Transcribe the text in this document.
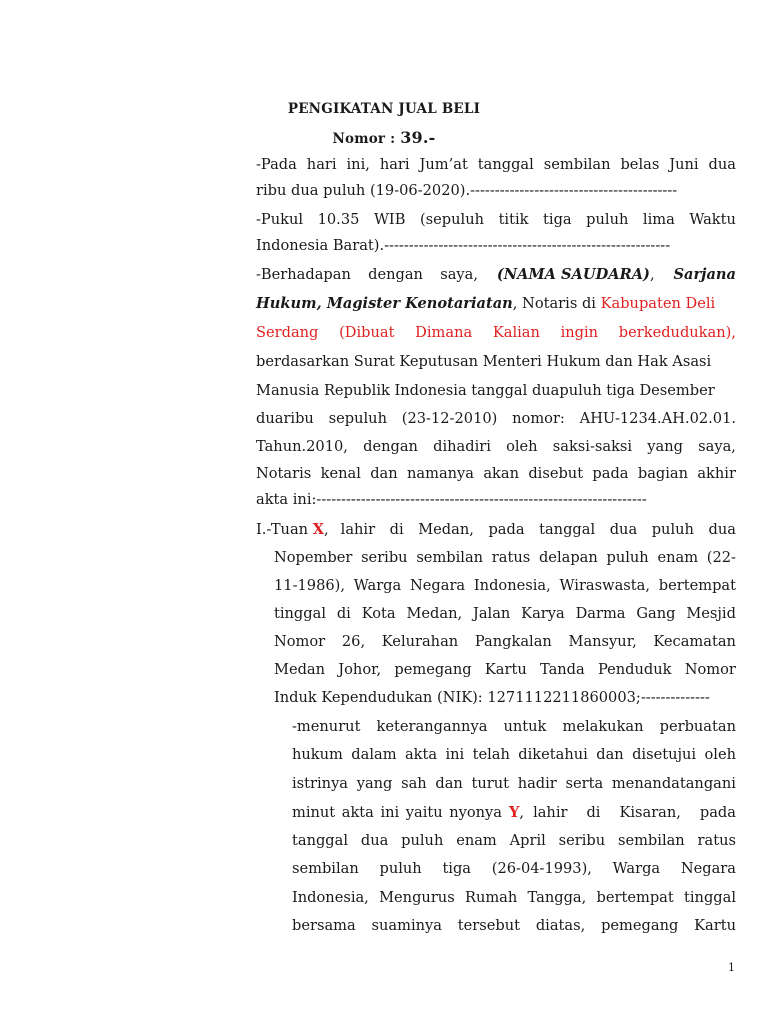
PENGIKATAN JUAL BELI
Nomor : 39.-
-Pada hari ini, hari Jum’at tanggal sembilan belas Juni dua
ribu dua puluh (19-06-2020).------------------------------------------
-Pukul 10.35 WIB (sepuluh titik tiga puluh lima Waktu
Indonesia Barat).----------------------------------------------------------
-Berhadapan dengan saya, (NAMA SAUDARA), Sarjana
Hukum, Magister Kenotariatan, Notaris di Kabupaten Deli
Serdang (Dibuat Dimana Kalian ingin berkedudukan),
berdasarkan Surat Keputusan Menteri Hukum dan Hak Asasi
Manusia Republik Indonesia tanggal duapuluh tiga Desember
duaribu sepuluh (23-12-2010) nomor: AHU-1234.AH.02.01.
Tahun.2010, dengan dihadiri oleh saksi-saksi yang saya,
Notaris kenal dan namanya akan disebut pada bagian akhir
akta ini:-------------------------------------------------------------------
I.-Tuan X , lahir di Medan, pada tanggal dua puluh dua
Nopember seribu sembilan ratus delapan puluh enam (22-
11-1986), Warga Negara Indonesia, Wiraswasta, bertempat
tinggal di Kota Medan, Jalan Karya Darma Gang Mesjid
Nomor 26, Kelurahan Pangkalan Mansyur, Kecamatan
Medan Johor, pemegang Kartu Tanda Penduduk Nomor
Induk Kependudukan (NIK): 1271112211860003;--------------
-menurut keterangannya untuk melakukan perbuatan
hukum dalam akta ini telah diketahui dan disetujui oleh
istrinya yang sah dan turut hadir serta menandatangani
minut akta ini yaitu nyonya Y, lahir di Kisaran, pada
tanggal dua puluh enam April seribu sembilan ratus
sembilan puluh tiga (26-04-1993), Warga Negara
Indonesia, Mengurus Rumah Tangga, bertempat tinggal
bersama suaminya tersebut diatas, pemegang Kartu
1
